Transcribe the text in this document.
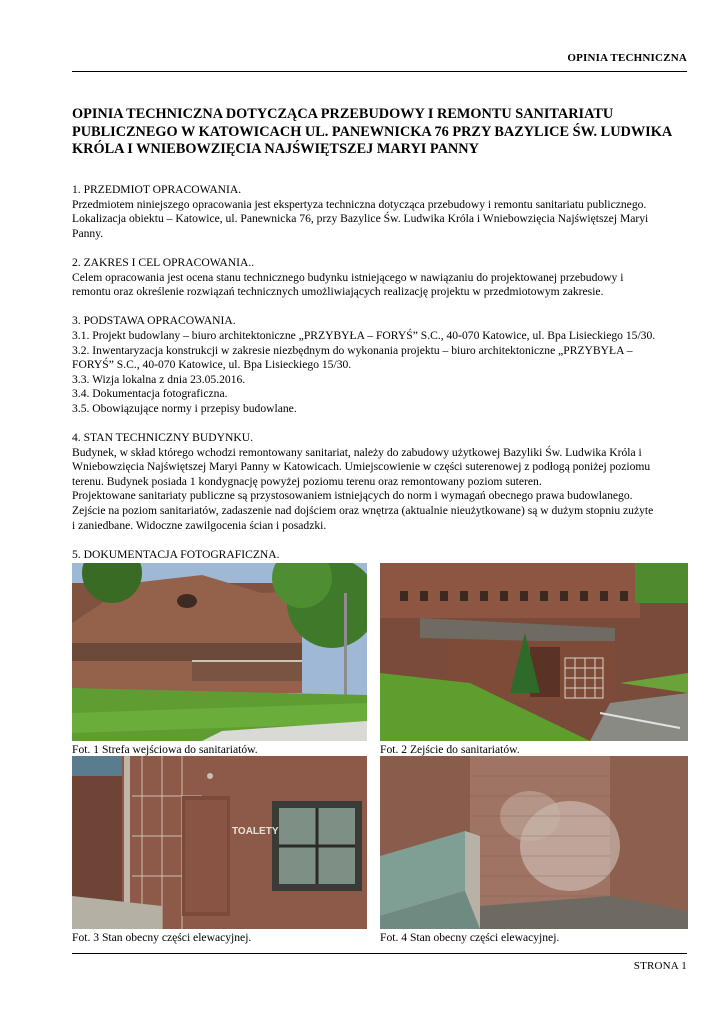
OPINIA TECHNICZNA
OPINIA TECHNICZNA DOTYCZĄCA PRZEBUDOWY I REMONTU SANITARIATU
PUBLICZNEGO W KATOWICACH UL. PANEWNICKA 76 PRZY BAZYLICE ŚW. LUDWIKA
KRÓLA I WNIEBOWZIĘCIA NAJŚWIĘTSZEJ MARYI PANNY

1. PRZEDMIOT OPRACOWANIA.

Przedmiotem niniejszego opracowania jest ekspertyza techniczna dotycząca przebudowy i remontu sanitariatu publicznego.

Lokalizacja obiektu – Katowice, ul. Panewnicka 76, przy Bazylice Św. Ludwika Króla i Wniebowzięcia Najświętszej Maryi

Panny.

2. ZAKRES I CEL OPRACOWANIA..

Celem opracowania jest ocena stanu technicznego budynku istniejącego w nawiązaniu do projektowanej przebudowy i

remontu oraz określenie rozwiązań technicznych umożliwiających realizację projektu w przedmiotowym zakresie.

3. PODSTAWA OPRACOWANIA.

3.1. Projekt budowlany – biuro architektoniczne „PRZYBYŁA – FORYŚ” S.C., 40-070 Katowice, ul. Bpa Lisieckiego 15/30.

3.2. Inwentaryzacja konstrukcji w zakresie niezbędnym do wykonania projektu – biuro architektoniczne „PRZYBYŁA –

FORYŚ” S.C., 40-070 Katowice, ul. Bpa Lisieckiego 15/30.

3.3. Wizja lokalna z dnia 23.05.2016.

3.4. Dokumentacja fotograficzna.

3.5. Obowiązujące normy i przepisy budowlane.

4. STAN TECHNICZNY BUDYNKU.

Budynek, w skład którego wchodzi remontowany sanitariat, należy do zabudowy użytkowej Bazyliki Św. Ludwika Króla i

Wniebowzięcia Najświętszej Maryi Panny w Katowicach. Umiejscowienie w części suterenowej z podłogą poniżej poziomu

terenu. Budynek posiada 1 kondygnację powyżej poziomu terenu oraz remontowany poziom suteren.

Projektowane sanitariaty publiczne są przystosowaniem istniejących do norm i wymagań obecnego prawa budowlanego.

Zejście na poziom sanitariatów, zadaszenie nad dojściem oraz wnętrza (aktualnie nieużytkowane) są w dużym stopniu zużyte

i zaniedbane. Widoczne zawilgocenia ścian i posadzki.

5. DOKUMENTACJA FOTOGRAFICZNA.

Fot. 1 Strefa wejściowa do sanitariatów.	Fot. 2 Zejście do sanitariatów.
TOALETY
Fot. 3 Stan obecny części elewacyjnej.	Fot. 4 Stan obecny części elewacyjnej.
STRONA 1
